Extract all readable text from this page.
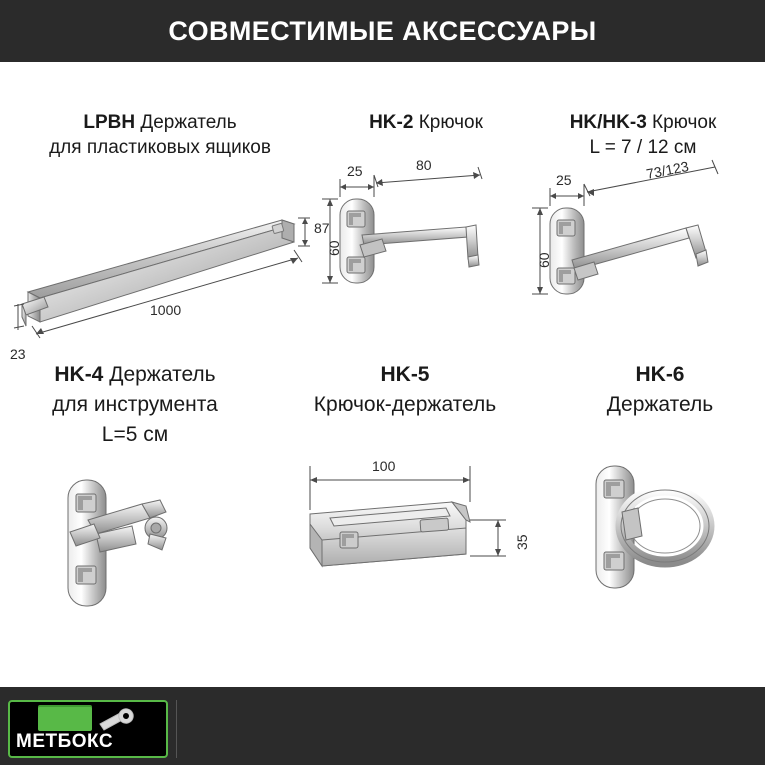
СОВМЕСТИМЫЕ АКСЕССУАРЫ
LPBH Держатель
для пластиковых ящиков
87
1000
23
HK-2 Крючок
25	80
60
HK/HK-3 Крючок
L = 7 / 12 см
25	73/123
60
HK-4 Держатель
для инструмента
L=5 см
HK-5
Крючок-держатель
100
35
HK-6
Держатель
МЕТБОКС
